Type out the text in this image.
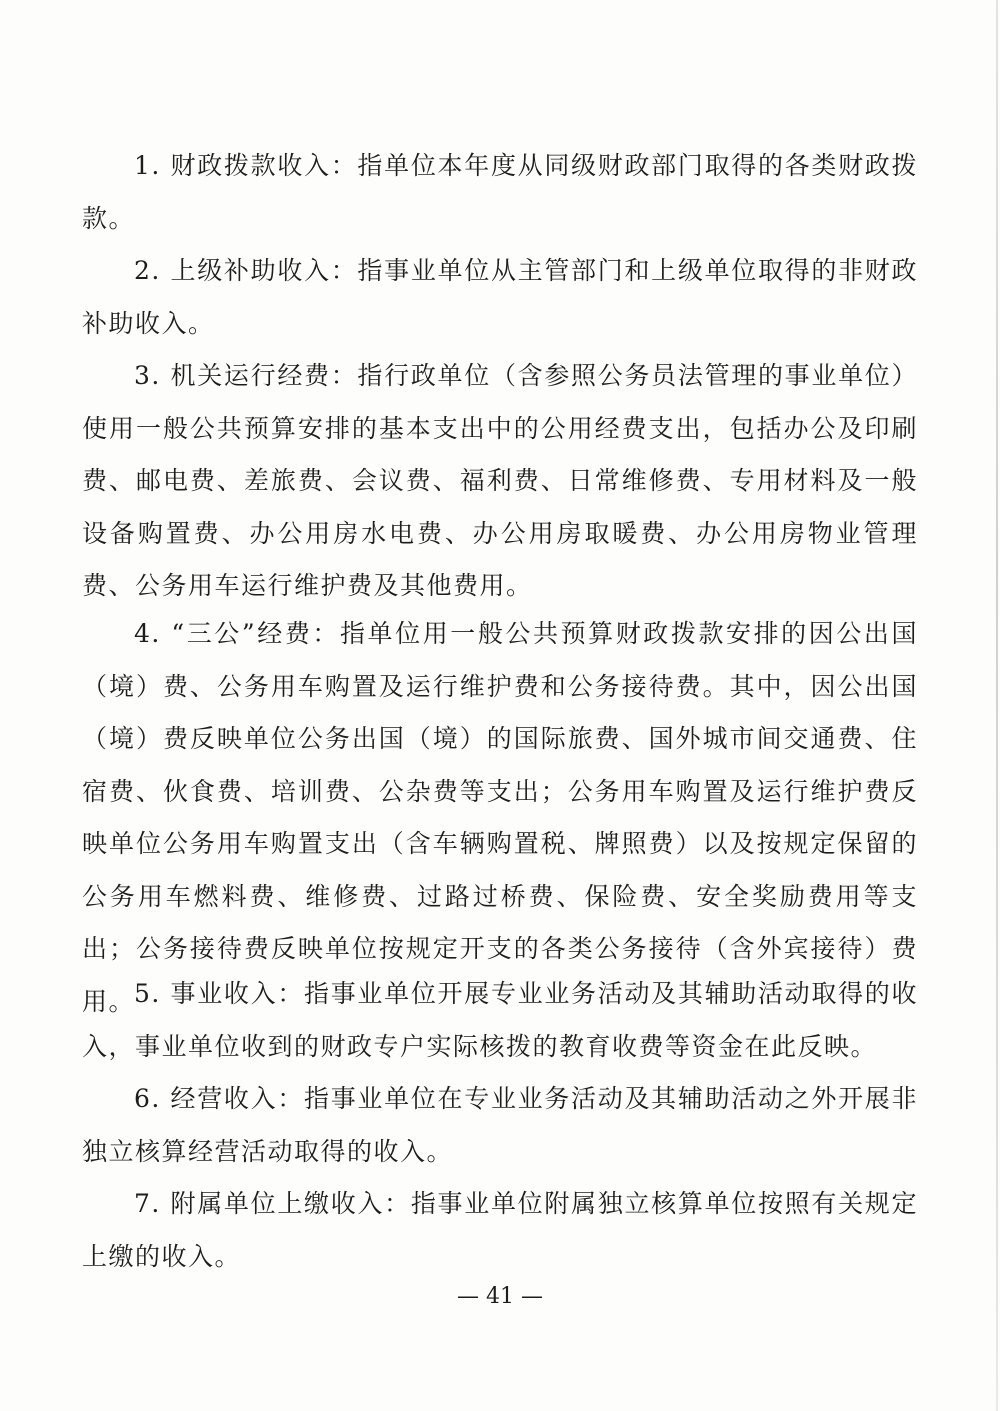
1. 财政拨款收入：指单位本年度从同级财政部门取得的各类财政拨款。

2. 上级补助收入：指事业单位从主管部门和上级单位取得的非财政补助收入。

3. 机关运行经费：指行政单位（含参照公务员法管理的事业单位）使用一般公共预算安排的基本支出中的公用经费支出，包括办公及印刷费、邮电费、差旅费、会议费、福利费、日常维修费、专用材料及一般设备购置费、办公用房水电费、办公用房取暖费、办公用房物业管理费、公务用车运行维护费及其他费用。

4. “三公”经费：指单位用一般公共预算财政拨款安排的因公出国（境）费、公务用车购置及运行维护费和公务接待费。其中，因公出国（境）费反映单位公务出国（境）的国际旅费、国外城市间交通费、住宿费、伙食费、培训费、公杂费等支出；公务用车购置及运行维护费反映单位公务用车购置支出（含车辆购置税、牌照费）以及按规定保留的公务用车燃料费、维修费、过路过桥费、保险费、安全奖励费用等支出；公务接待费反映单位按规定开支的各类公务接待（含外宾接待）费用。

5. 事业收入：指事业单位开展专业业务活动及其辅助活动取得的收入，事业单位收到的财政专户实际核拨的教育收费等资金在此反映。

6. 经营收入：指事业单位在专业业务活动及其辅助活动之外开展非独立核算经营活动取得的收入。

7. 附属单位上缴收入：指事业单位附属独立核算单位按照有关规定上缴的收入。

— 41 —
